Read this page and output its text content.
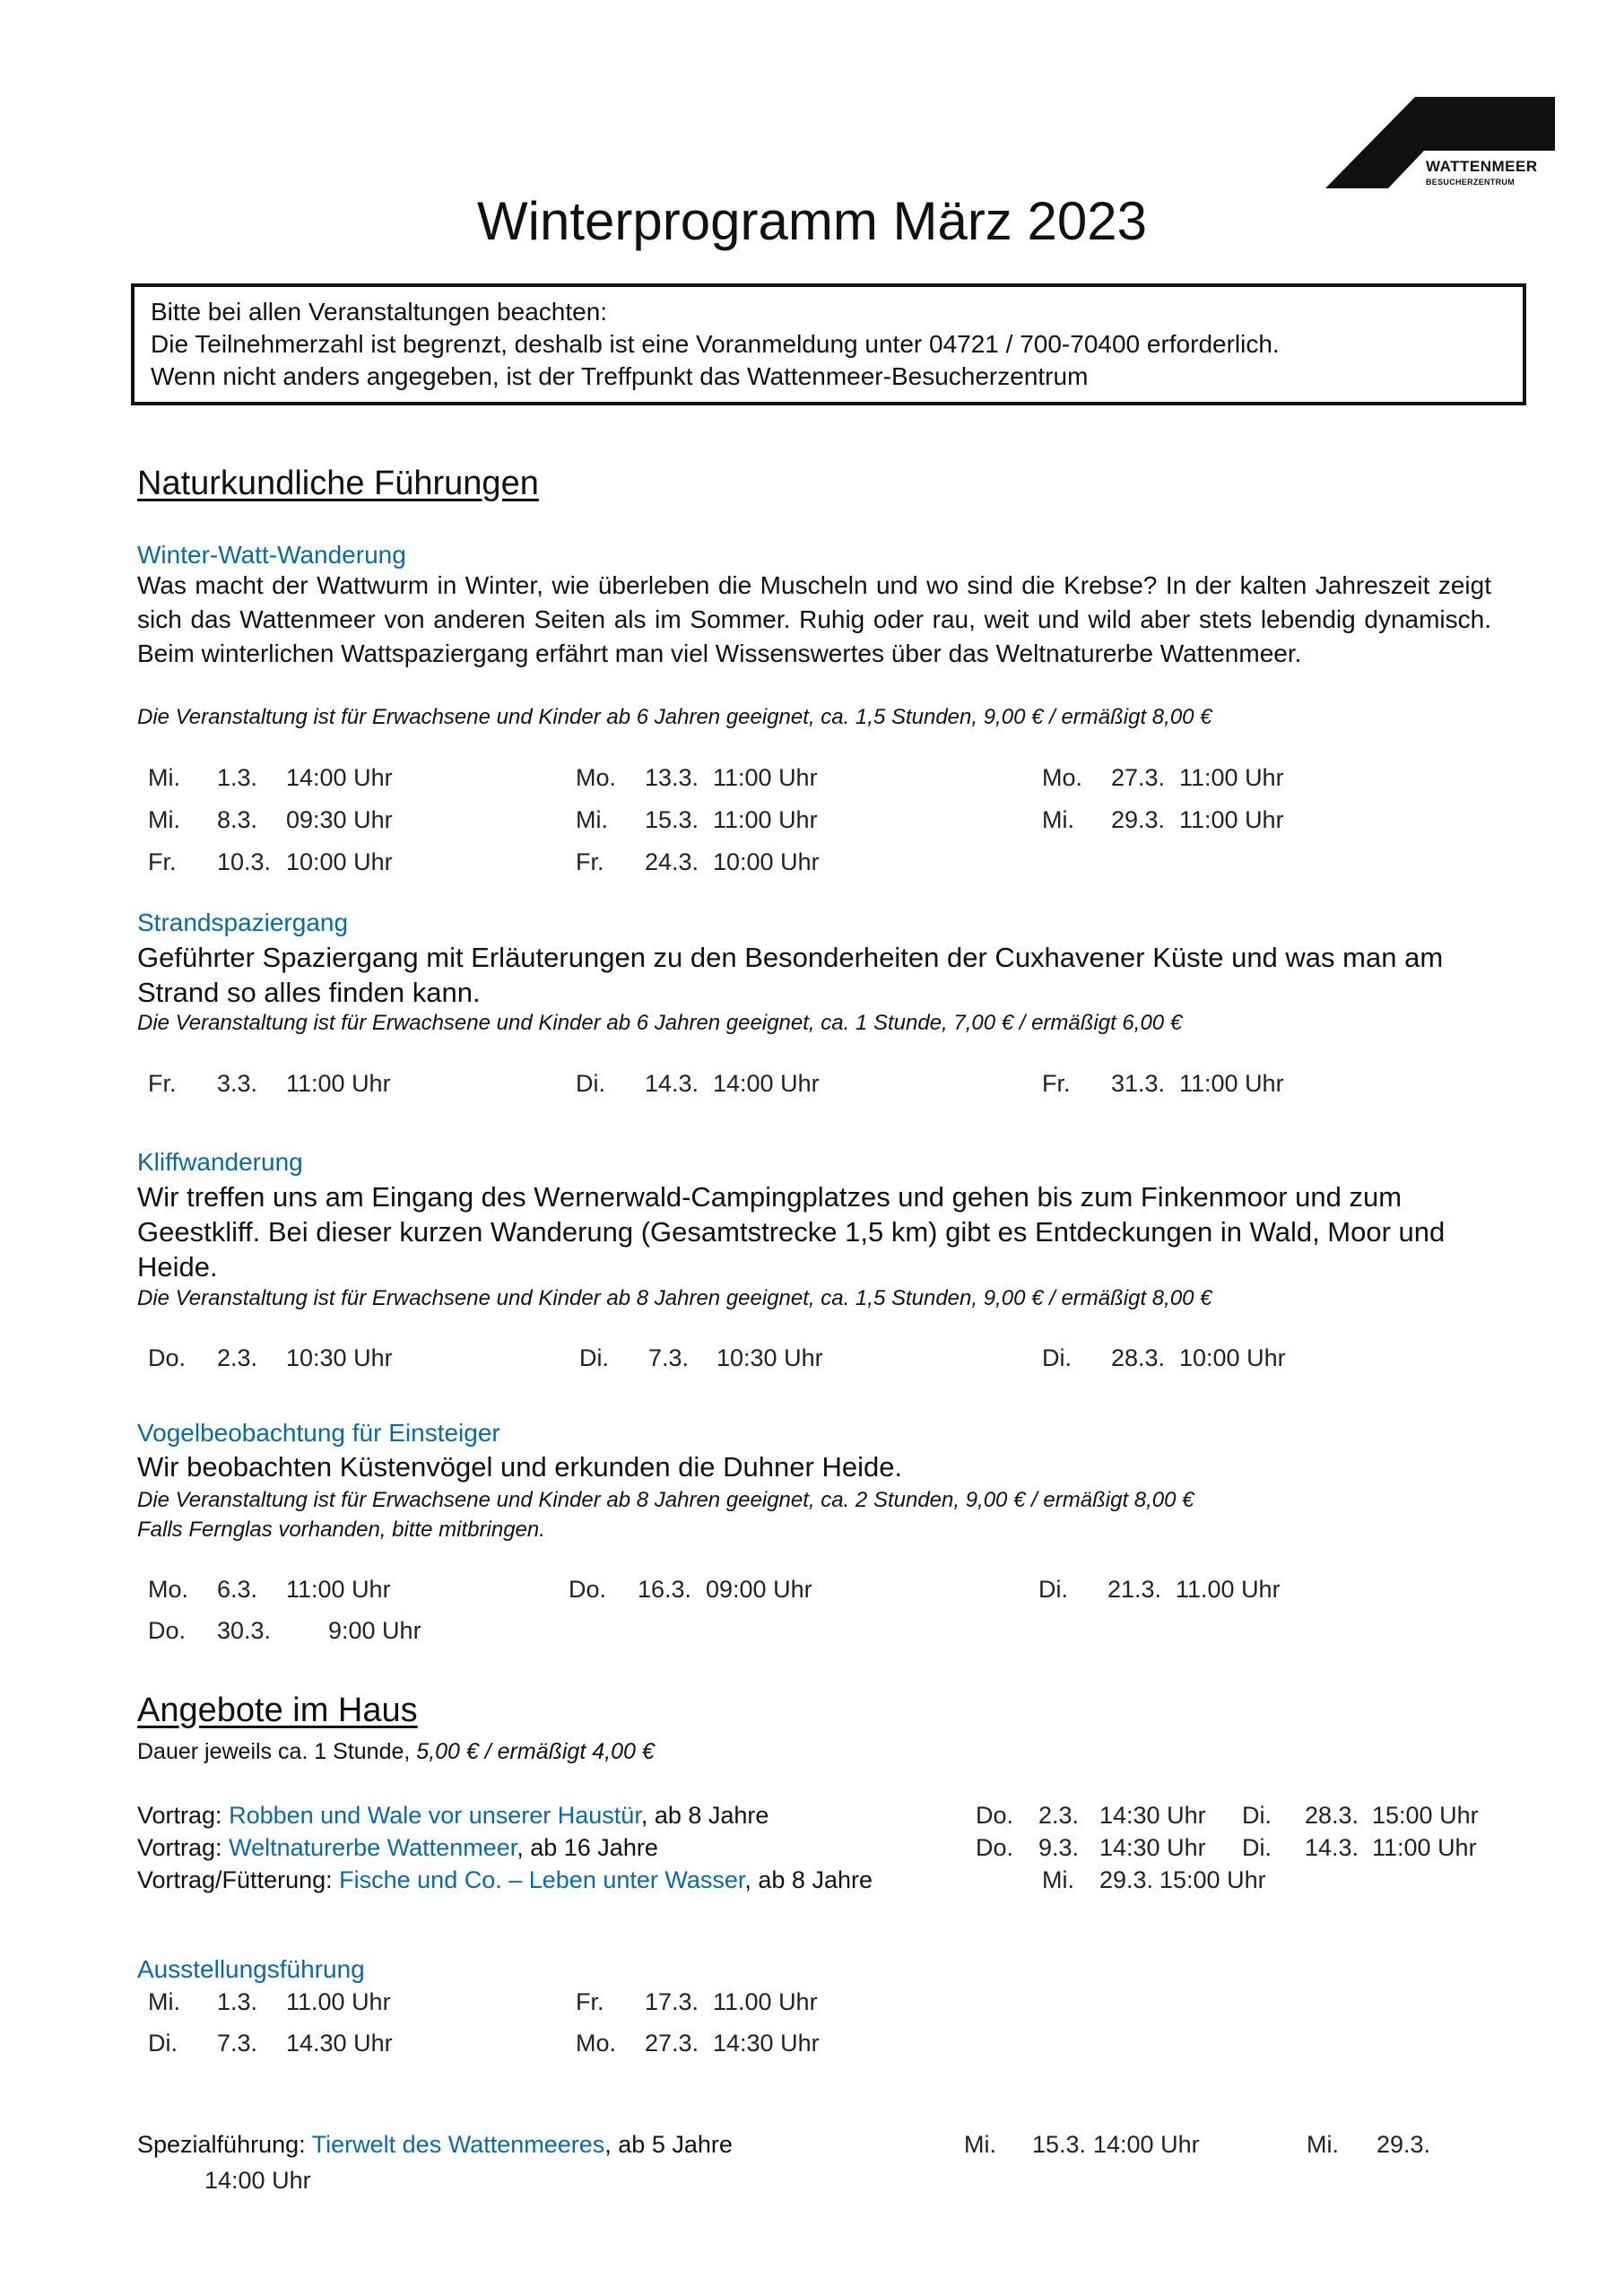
WATTENMEER
BESUCHERZENTRUM
Winterprogramm März 2023
Bitte bei allen Veranstaltungen beachten:
Die Teilnehmerzahl ist begrenzt, deshalb ist eine Voranmeldung unter 04721 / 700-70400 erforderlich.
Wenn nicht anders angegeben, ist der Treffpunkt das Wattenmeer-Besucherzentrum
Naturkundliche Führungen
Winter-Watt-Wanderung
Was macht der Wattwurm in Winter, wie überleben die Muscheln und wo sind die Krebse? In der kalten Jahreszeit zeigt sich das Wattenmeer von anderen Seiten als im Sommer. Ruhig oder rau, weit und wild aber stets lebendig dynamisch. Beim winterlichen Wattspaziergang erfährt man viel Wissenswertes über das Weltnaturerbe Wattenmeer.
Die Veranstaltung ist für Erwachsene und Kinder ab 6 Jahren geeignet, ca. 1,5 Stunden, 9,00 € / ermäßigt 8,00 €
Mi. 1.3. 14:00 Uhr	Mo. 13.3. 11:00 Uhr	Mo. 27.3. 11:00 Uhr
Mi. 8.3. 09:30 Uhr	Mi. 15.3. 11:00 Uhr	Mi. 29.3. 11:00 Uhr
Fr. 10.3. 10:00 Uhr	Fr. 24.3. 10:00 Uhr
Strandspaziergang
Geführter Spaziergang mit Erläuterungen zu den Besonderheiten der Cuxhavener Küste und was man am Strand so alles finden kann.
Die Veranstaltung ist für Erwachsene und Kinder ab 6 Jahren geeignet, ca. 1 Stunde, 7,00 € / ermäßigt 6,00 €
Fr. 3.3. 11:00 Uhr	Di. 14.3. 14:00 Uhr	Fr. 31.3. 11:00 Uhr
Kliffwanderung
Wir treffen uns am Eingang des Wernerwald-Campingplatzes und gehen bis zum Finkenmoor und zum Geestkliff. Bei dieser kurzen Wanderung (Gesamtstrecke 1,5 km) gibt es Entdeckungen in Wald, Moor und Heide.
Die Veranstaltung ist für Erwachsene und Kinder ab 8 Jahren geeignet, ca. 1,5 Stunden, 9,00 € / ermäßigt 8,00 €
Do. 2.3. 10:30 Uhr	Di. 7.3. 10:30 Uhr	Di. 28.3. 10:00 Uhr
Vogelbeobachtung für Einsteiger
Wir beobachten Küstenvögel und erkunden die Duhner Heide.
Die Veranstaltung ist für Erwachsene und Kinder ab 8 Jahren geeignet, ca. 2 Stunden, 9,00 € / ermäßigt 8,00 €
Falls Fernglas vorhanden, bitte mitbringen.
Mo. 6.3. 11:00 Uhr	Do. 16.3. 09:00 Uhr	Di. 21.3. 11.00 Uhr
Do. 30.3. 9:00 Uhr
Angebote im Haus
Dauer jeweils ca. 1 Stunde, 5,00 € / ermäßigt 4,00 €
Vortrag: Robben und Wale vor unserer Haustür, ab 8 Jahre	Do. 2.3. 14:30 Uhr Di. 28.3. 15:00 Uhr
Vortrag: Weltnaturerbe Wattenmeer, ab 16 Jahre	Do. 9.3. 14:30 Uhr Di. 14.3. 11:00 Uhr
Vortrag/Fütterung: Fische und Co. – Leben unter Wasser, ab 8 Jahre	Mi. 29.3. 15:00 Uhr
Ausstellungsführung
Mi. 1.3. 11.00 Uhr	Fr. 17.3. 11.00 Uhr
Di. 7.3. 14.30 Uhr	Mo. 27.3. 14:30 Uhr
Spezialführung: Tierwelt des Wattenmeeres, ab 5 Jahre	Mi. 15.3. 14:00 Uhr	Mi. 29.3.
14:00 Uhr
